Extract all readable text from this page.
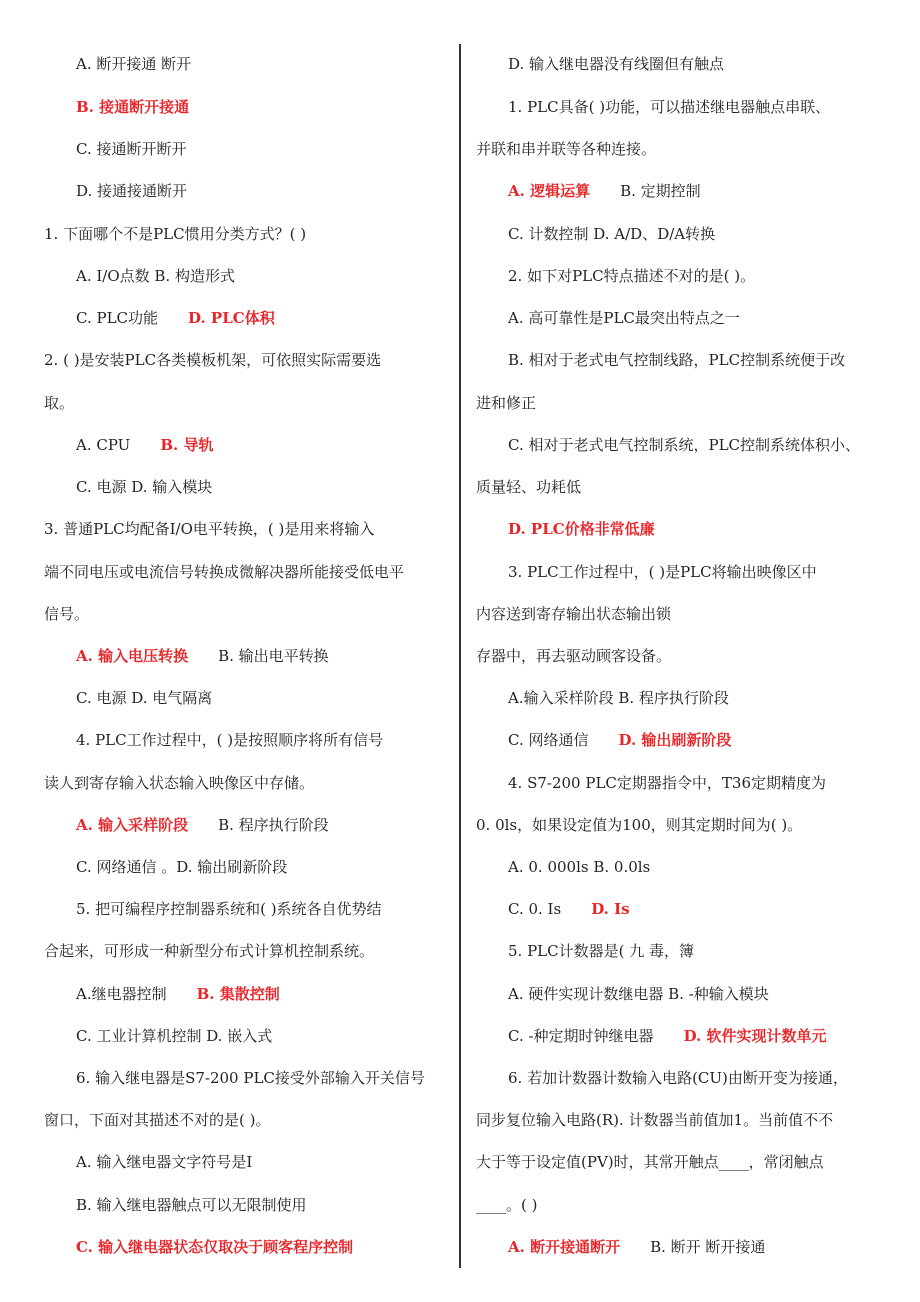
A. 断开接通 断开
B. 接通断开接通
C. 接通断开断开
D. 接通接通断开
1. 下面哪个不是PLC惯用分类方式？( )
A. I/O点数 B. 构造形式
C. PLC功能 D. PLC体积
2. ( )是安装PLC各类模板机架，可依照实际需要选
取。
A. CPU B. 导轨
C. 电源 D. 输入模块
3. 普通PLC均配备I/O电平转换，( )是用来将输入
端不同电压或电流信号转换成微解决器所能接受低电平
信号。
A. 输入电压转换 B. 输出电平转换
C. 电源 D. 电气隔离
4. PLC工作过程中，( )是按照顺序将所有信号
读人到寄存输入状态输入映像区中存储。
A. 输入采样阶段 B. 程序执行阶段
C. 网络通信 。D. 输出刷新阶段
5. 把可编程序控制器系统和( )系统各自优势结
合起来，可形成一种新型分布式计算机控制系统。
A.继电器控制 B. 集散控制
C. 工业计算机控制 D. 嵌入式
6. 输入继电器是S7-200 PLC接受外部输入开关信号
窗口，下面对其描述不对的是( )。
A. 输入继电器文字符号是I
B. 输入继电器触点可以无限制使用
C. 输入继电器状态仅取决于顾客程序控制
D. 输入继电器没有线圈但有触点
1. PLC具备( )功能，可以描述继电器触点串联、
并联和串并联等各种连接。
A. 逻辑运算 B. 定期控制
C. 计数控制 D. A/D、D/A转换
2. 如下对PLC特点描述不对的是( )。
A. 高可靠性是PLC最突出特点之一
B. 相对于老式电气控制线路，PLC控制系统便于改
进和修正
C. 相对于老式电气控制系统，PLC控制系统体积小、
质量轻、功耗低
D. PLC价格非常低廉
3. PLC工作过程中，( )是PLC将输出映像区中
内容送到寄存输出状态输出锁
存器中，再去驱动顾客设备。
A.输入采样阶段 B. 程序执行阶段
C. 网络通信 D. 输出刷新阶段
4. S7-200 PLC定期器指令中，T36定期精度为
0. 0ls，如果设定值为100，则其定期时间为( )。
A. 0. 000ls B. 0.0ls
C. 0. Is D. Is
5. PLC计数器是( 九 毒，簿
A. 硬件实现计数继电器 B. -种输入模块
C. -种定期时钟继电器 D. 软件实现计数单元
6. 若加计数器计数输入电路(CU)由断开变为接通，
同步复位输入电路(R). 计数器当前值加1。当前值不不
大于等于设定值(PV)时，其常开触点____，常闭触点
____。( )
A. 断开接通断开 B. 断开 断开接通
